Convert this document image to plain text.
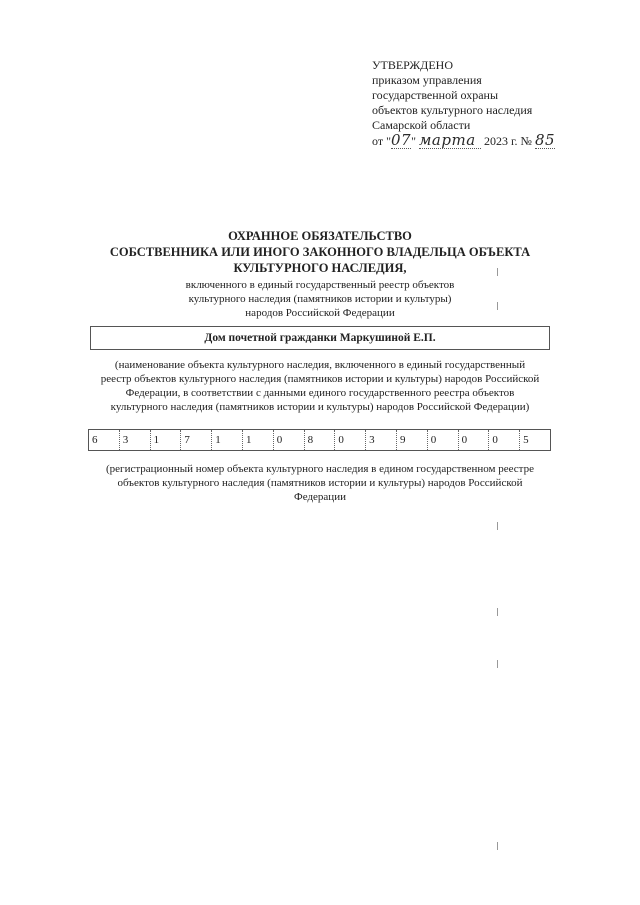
УТВЕРЖДЕНО
приказом управления
государственной охраны
объектов культурного наследия
Самарской области
от "07" марта 2023 г. № 85
ОХРАННОЕ ОБЯЗАТЕЛЬСТВО
СОБСТВЕННИКА ИЛИ ИНОГО ЗАКОННОГО ВЛАДЕЛЬЦА ОБЪЕКТА
КУЛЬТУРНОГО НАСЛЕДИЯ,
включенного в единый государственный реестр объектов
культурного наследия (памятников истории и культуры)
народов Российской Федерации
Дом почетной гражданки Маркушиной Е.П.
(наименование объекта культурного наследия, включенного в единый государственный
реестр объектов культурного наследия (памятников истории и культуры) народов Российской
Федерации, в соответствии с данными единого государственного реестра объектов
культурного наследия (памятников истории и культуры) народов Российской Федерации)
6	3	1	7	1	1	0	8	0	3	9	0	0	0	5
(регистрационный номер объекта культурного наследия в едином государственном реестре
объектов культурного наследия (памятников истории и культуры) народов Российской
Федерации
